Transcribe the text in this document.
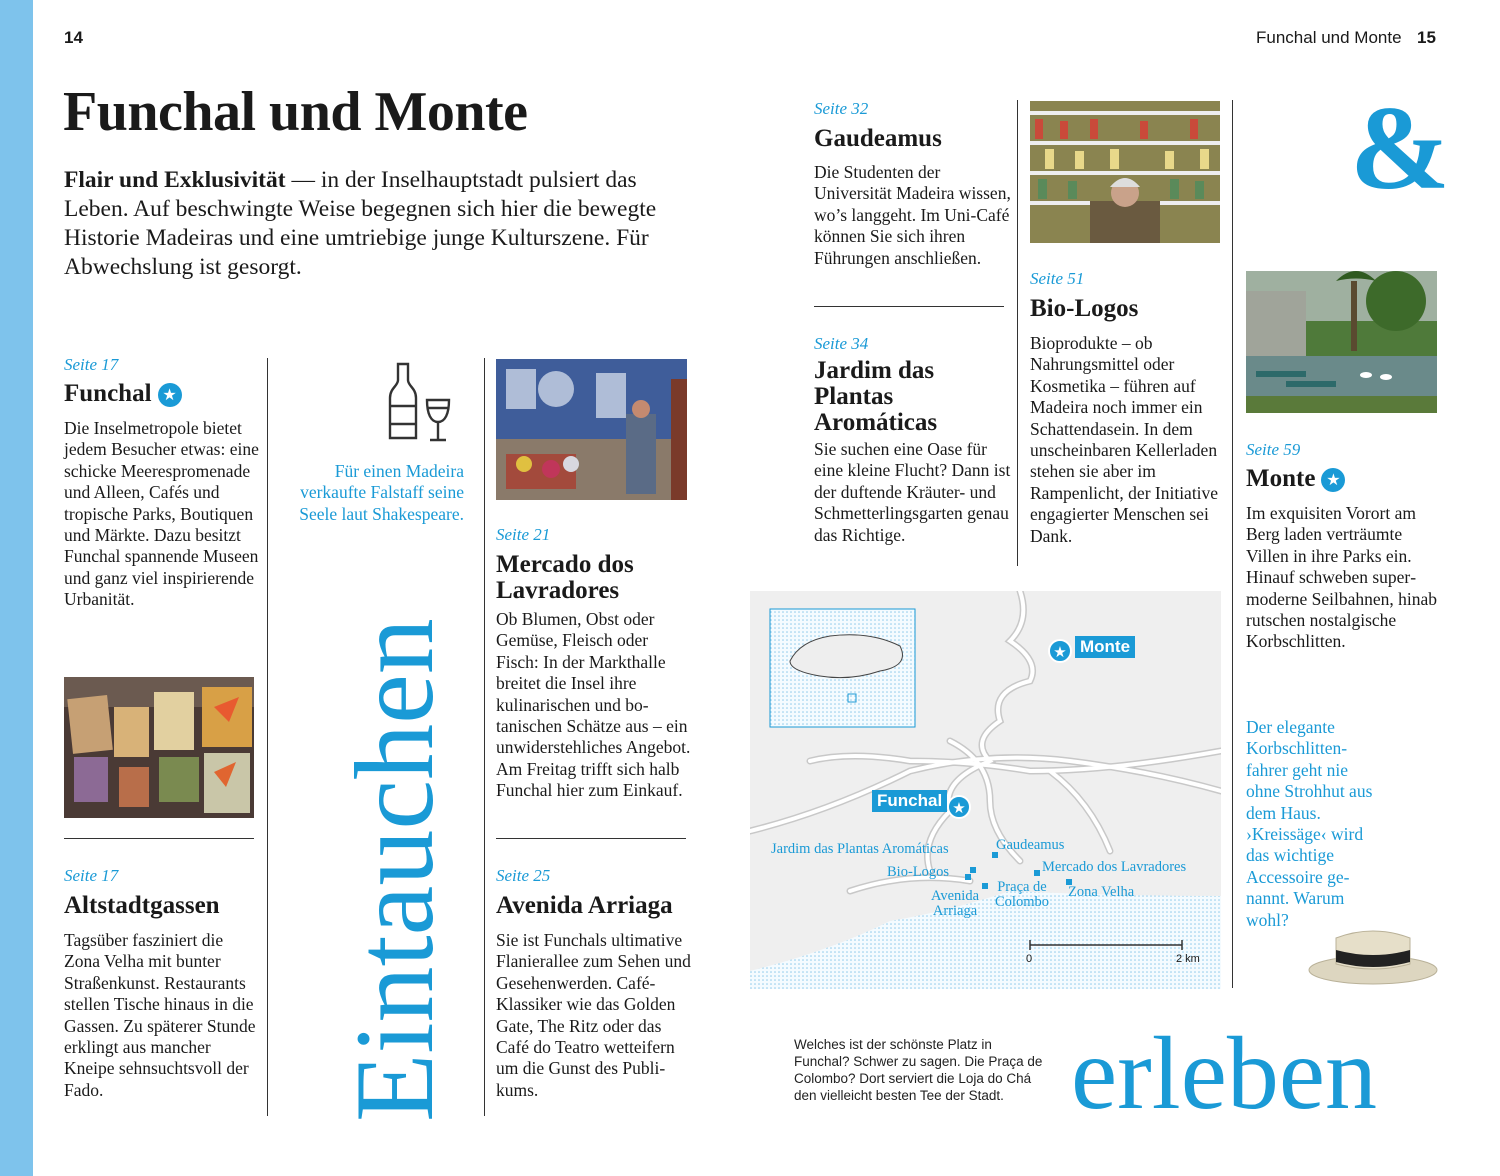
14	Funchal und Monte 15
Funchal und Monte
Flair und Exklusivität — in der Inselhauptstadt pulsiert das Leben. Auf beschwingte Weise begegnen sich hier die bewegte Historie Madeiras und eine umtriebige junge Kulturszene. Für Abwechslung ist gesorgt.
Seite 17
Funchal ★
Die Inselmetropole bietet jedem Besucher etwas: eine schicke Meerespromenade und Alleen, Cafés und tropische Parks, Boutiquen und Märkte. Dazu besitzt Funchal spannende Museen und ganz viel inspirierende Urbanität.
Seite 17
Altstadtgassen
Tagsüber fasziniert die Zona Velha mit bunter Straßenkunst. Restaurants stellen Tische hinaus in die Gassen. Zu späterer Stunde erklingt aus mancher Kneipe sehnsuchtsvoll der Fado.
Für einen Madeira verkaufte Falstaff seine Seele laut Shakespeare.
Eintauchen
Seite 21
Mercado dos Lavradores
Ob Blumen, Obst oder Gemüse, Fleisch oder Fisch: In der Markthalle breitet die Insel ihre kulinarischen und botanischen Schätze aus – ein unwiderstehliches Angebot. Am Freitag trifft sich halb Funchal hier zum Einkauf.
Seite 25
Avenida Arriaga
Sie ist Funchals ultimative Flanierallee zum Sehen und Gesehenwerden. Café-Klassiker wie das Golden Gate, The Ritz oder das Café do Teatro wetteifern um die Gunst des Publikums.
Seite 32
Gaudeamus
Die Studenten der Universität Madeira wissen, wo’s langgeht. Im Uni-Café können Sie sich ihren Führungen anschließen.
Seite 34
Jardim das Plantas Aromáticas
Sie suchen eine Oase für eine kleine Flucht? Dann ist der duftende Kräuter- und Schmetterlingsgarten genau das Richtige.
Seite 51
Bio-Logos
Bioprodukte – ob Nahrungsmittel oder Kosmetika – führen auf Madeira noch immer ein Schattendasein. In dem unscheinbaren Kellerladen stehen sie aber im Rampenlicht, der Initiative engagierter Menschen sei Dank.
&
Seite 59
Monte ★
Im exquisiten Vorort am Berg laden verträumte Villen in ihre Parks ein. Hinauf schweben supermoderne Seilbahnen, hinab rutschen nostalgische Korbschlitten.
Der elegante Korbschlittenfahrer geht nie ohne Strohhut aus dem Haus. ›Kreissäge‹ wird das wichtige Accessoire genannt. Warum wohl?
★
★
Monte
Funchal
Jardim das Plantas Aromáticas	Gaudeamus
Bio-Logos	Mercado dos Lavradores
Avenida Arriaga
Praça de Colombo
Zona Velha
0	2 km
Welches ist der schönste Platz in Funchal? Schwer zu sagen. Die Praça de Colombo? Dort serviert die Loja do Chá den vielleicht besten Tee der Stadt. erleben
